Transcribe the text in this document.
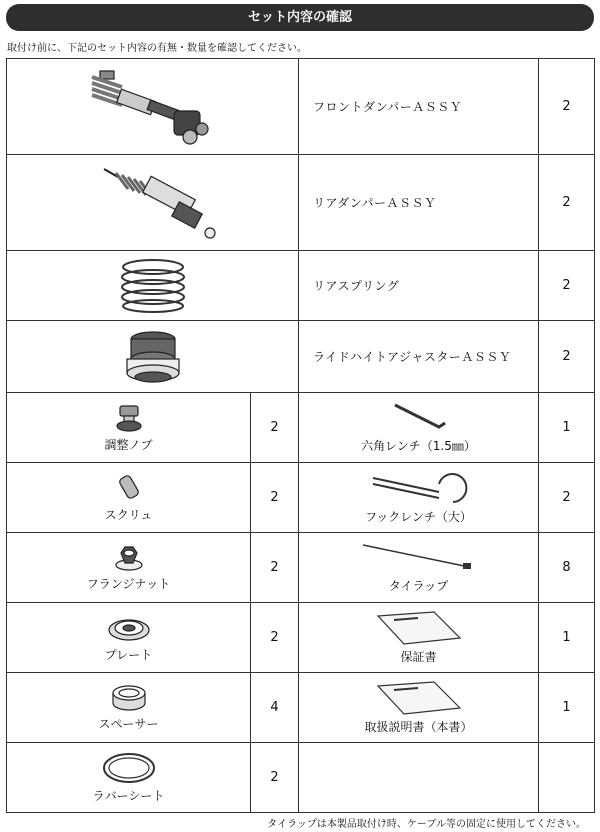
セット内容の確認
取付け前に、下記のセット内容の有無・数量を確認してください。
	フロントダンパーＡＳＳＹ	2

	リアダンパーＡＳＳＹ	2

	リアスプリング	2

	ライドハイトアジャスターＡＳＳＹ	2

調整ノブ	2	六角レンチ（1.5㎜）	1

スクリュ	2	フックレンチ（大）	2

フランジナット	2	タイラップ	8

プレート	2	保証書	1

スペーサー	4	取扱説明書（本書）	1

ラバーシート	2		
タイラップは本製品取付け時、ケーブル等の固定に使用してください。
